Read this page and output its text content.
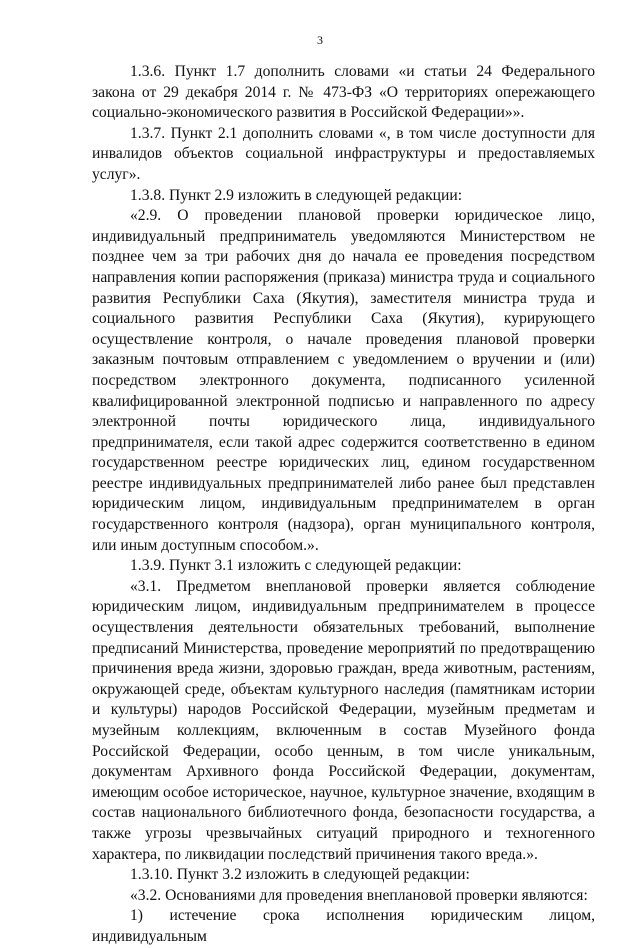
3

1.3.6. Пункт 1.7 дополнить словами «и статьи 24 Федерального закона от 29 декабря 2014 г. № 473-ФЗ «О территориях опережающего социально-экономического развития в Российской Федерации»».

1.3.7. Пункт 2.1 дополнить словами «, в том числе доступности для инвалидов объектов социальной инфраструктуры и предоставляемых услуг».

1.3.8. Пункт 2.9 изложить в следующей редакции:

«2.9. О проведении плановой проверки юридическое лицо, индивидуальный предприниматель уведомляются Министерством не позднее чем за три рабочих дня до начала ее проведения посредством направления копии распоряжения (приказа) министра труда и социального развития Республики Саха (Якутия), заместителя министра труда и социального развития Республики Саха (Якутия), курирующего осуществление контроля, о начале проведения плановой проверки заказным почтовым отправлением с уведомлением о вручении и (или) посредством электронного документа, подписанного усиленной квалифицированной электронной подписью и направленного по адресу электронной почты юридического лица, индивидуального предпринимателя, если такой адрес содержится соответственно в едином государственном реестре юридических лиц, едином государственном реестре индивидуальных предпринимателей либо ранее был представлен юридическим лицом, индивидуальным предпринимателем в орган государственного контроля (надзора), орган муниципального контроля, или иным доступным способом.».

1.3.9. Пункт 3.1 изложить с следующей редакции:

«3.1. Предметом внеплановой проверки является соблюдение юридическим лицом, индивидуальным предпринимателем в процессе осуществления деятельности обязательных требований, выполнение предписаний Министерства, проведение мероприятий по предотвращению причинения вреда жизни, здоровью граждан, вреда животным, растениям, окружающей среде, объектам культурного наследия (памятникам истории и культуры) народов Российской Федерации, музейным предметам и музейным коллекциям, включенным в состав Музейного фонда Российской Федерации, особо ценным, в том числе уникальным, документам Архивного фонда Российской Федерации, документам, имеющим особое историческое, научное, культурное значение, входящим в состав национального библиотечного фонда, безопасности государства, а также угрозы чрезвычайных ситуаций природного и техногенного характера, по ликвидации последствий причинения такого вреда.».

1.3.10. Пункт 3.2 изложить в следующей редакции:

«3.2. Основаниями для проведения внеплановой проверки являются:

1) истечение срока исполнения юридическим лицом, индивидуальным
